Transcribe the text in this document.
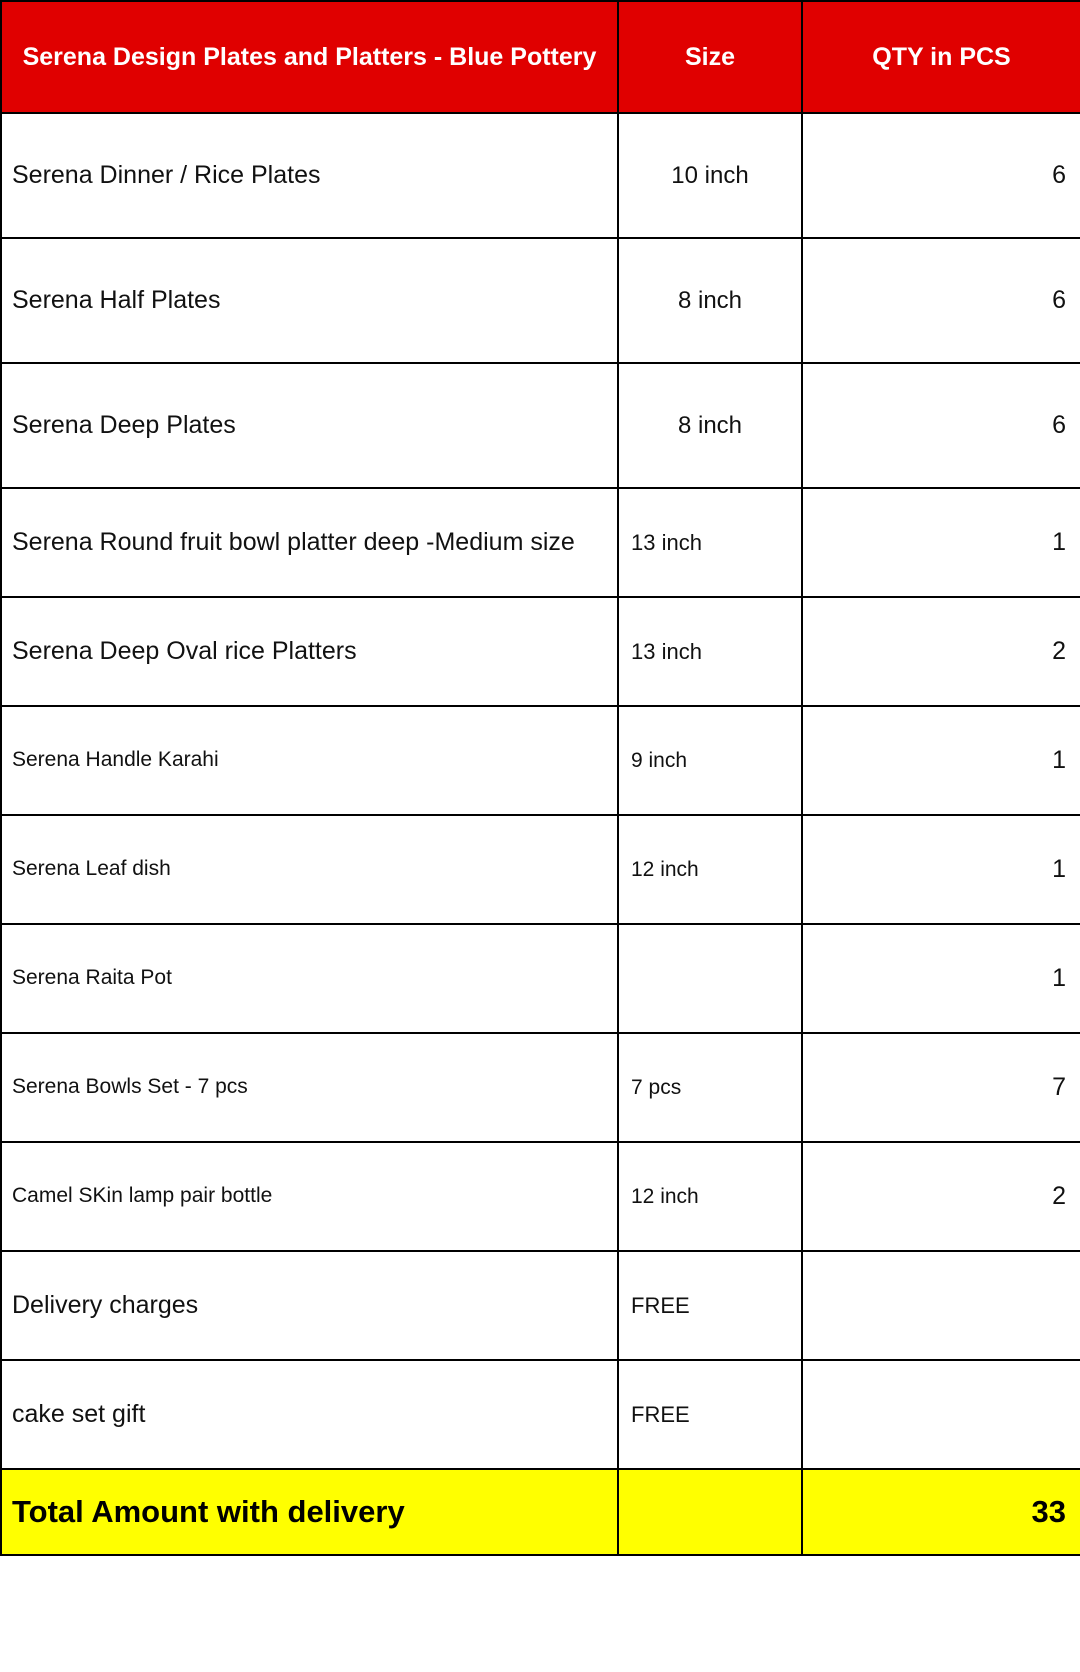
Serena Design Plates and Platters - Blue Pottery	Size	QTY in PCS
Serena Dinner / Rice Plates	10 inch	6
Serena Half Plates	8 inch	6
Serena Deep Plates	8 inch	6
Serena Round fruit bowl platter deep -Medium size	13 inch	1
Serena Deep Oval rice Platters	13 inch	2
Serena Handle Karahi	9 inch	1
Serena Leaf dish	12 inch	1
Serena Raita Pot		1
Serena Bowls Set - 7 pcs	7 pcs	7
Camel SKin lamp pair bottle	12 inch	2
Delivery charges	FREE	
cake set gift	FREE	
Total Amount with delivery		33
